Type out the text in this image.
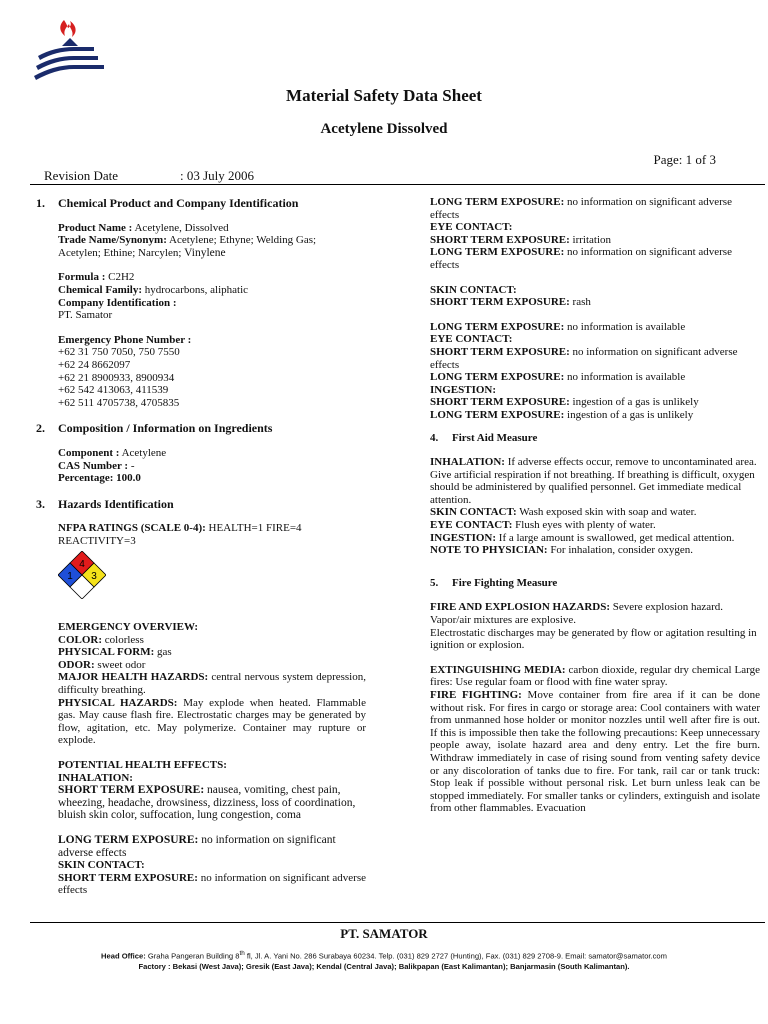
Material Safety Data Sheet
Acetylene Dissolved
Page: 1 of 3
Revision Date	: 03 July 2006

1. Chemical Product and Company Identification

Product Name : Acetylene, Dissolved

Trade Name/Synonym: Acetylene; Ethyne; Welding Gas;

Acetylen; Ethine; Narcylen; Vinylene

Formula : C2H2

Chemical Family: hydrocarbons, aliphatic

Company Identification :

PT. Samator

Emergency Phone Number :

+62 31 750 7050, 750 7550

+62 24 8662097

+62 21 8900933, 8900934

+62 542 413063, 411539

+62 511 4705738, 4705835

2. Composition / Information on Ingredients

Component : Acetylene

CAS Number : -

Percentage: 100.0

3. Hazards Identification

NFPA RATINGS (SCALE 0-4): HEALTH=1 FIRE=4

REACTIVITY=3

4
1 3

EMERGENCY OVERVIEW:

COLOR: colorless

PHYSICAL FORM: gas

ODOR: sweet odor

MAJOR HEALTH HAZARDS: central nervous system depression, difficulty breathing.

PHYSICAL HAZARDS: May explode when heated. Flammable gas. May cause flash fire. Electrostatic charges may be generated by flow, agitation, etc. May polymerize. Container may rupture or explode.

POTENTIAL HEALTH EFFECTS:

INHALATION:

SHORT TERM EXPOSURE: nausea, vomiting, chest pain, wheezing, headache, drowsiness, dizziness, loss of coordination, bluish skin color, suffocation, lung congestion, coma

LONG TERM EXPOSURE: no information on significant adverse effects

SKIN CONTACT:

SHORT TERM EXPOSURE: no information on significant adverse effects

LONG TERM EXPOSURE: no information on significant adverse effects

EYE CONTACT:

SHORT TERM EXPOSURE: irritation

LONG TERM EXPOSURE: no information on significant adverse effects

SKIN CONTACT:

SHORT TERM EXPOSURE: rash

LONG TERM EXPOSURE: no information is available

EYE CONTACT:

SHORT TERM EXPOSURE: no information on significant adverse effects

LONG TERM EXPOSURE: no information is available

INGESTION:

SHORT TERM EXPOSURE: ingestion of a gas is unlikely

LONG TERM EXPOSURE: ingestion of a gas is unlikely

4. First Aid Measure

INHALATION: If adverse effects occur, remove to uncontaminated area. Give artificial respiration if not breathing. If breathing is difficult, oxygen should be administered by qualified personnel. Get immediate medical attention.

SKIN CONTACT: Wash exposed skin with soap and water.

EYE CONTACT: Flush eyes with plenty of water.

INGESTION: If a large amount is swallowed, get medical attention.

NOTE TO PHYSICIAN: For inhalation, consider oxygen.

5. Fire Fighting Measure

FIRE AND EXPLOSION HAZARDS: Severe explosion hazard. Vapor/air mixtures are explosive.

Electrostatic discharges may be generated by flow or agitation resulting in ignition or explosion.

EXTINGUISHING MEDIA: carbon dioxide, regular dry chemical Large fires: Use regular foam or flood with fine water spray.

FIRE FIGHTING: Move container from fire area if it can be done without risk. For fires in cargo or storage area: Cool containers with water from unmanned hose holder or monitor nozzles until well after fire is out. If this is impossible then take the following precautions: Keep unnecessary people away, isolate hazard area and deny entry. Let the fire burn. Withdraw immediately in case of rising sound from venting safety device or any discoloration of tanks due to fire. For tank, rail car or tank truck: Stop leak if possible without personal risk. Let burn unless leak can be stopped immediately. For smaller tanks or cylinders, extinguish and isolate from other flammables. Evacuation

PT. SAMATOR
Head Office: Graha Pangeran Building 8th fl, Jl. A. Yani No. 286 Surabaya 60234. Telp. (031) 829 2727 (Hunting), Fax. (031) 829 2708-9. Email: samator@samator.com
Factory : Bekasi (West Java); Gresik (East Java); Kendal (Central Java); Balikpapan (East Kalimantan); Banjarmasin (South Kalimantan).
